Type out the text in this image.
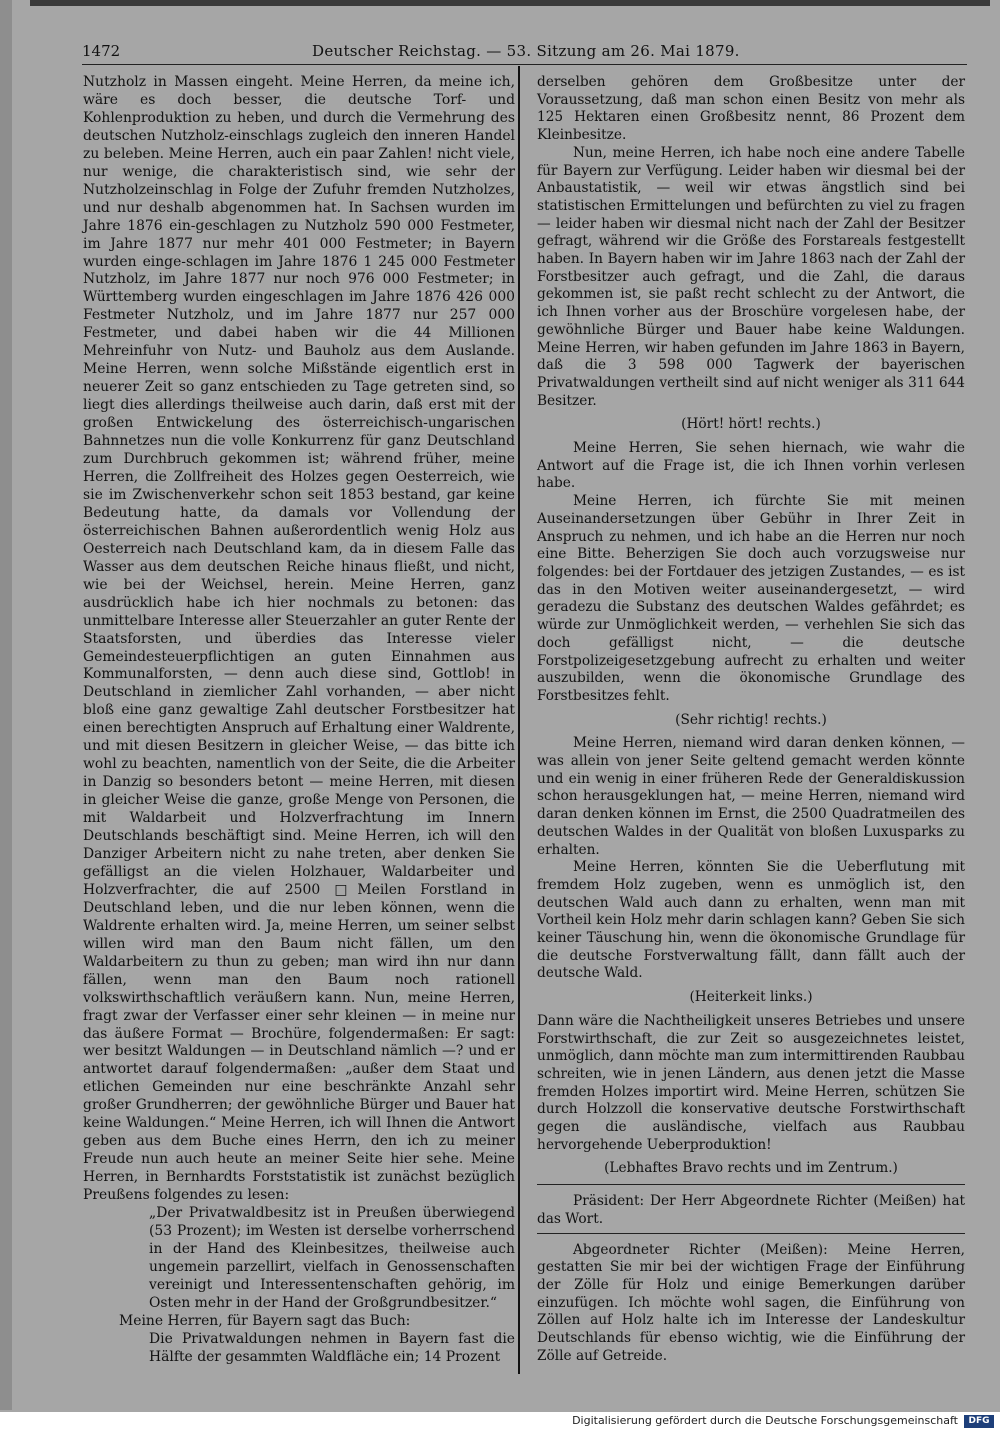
1472	Deutscher Reichstag. — 53. Sitzung am 26. Mai 1879.

Nutzholz in Massen eingeht. Meine Herren, da meine ich, wäre es doch besser, die deutsche Torf- und Kohlenproduktion zu heben, und durch die Vermehrung des deutschen Nutzholz-einschlags zugleich den inneren Handel zu beleben. Meine Herren, auch ein paar Zahlen! nicht viele, nur wenige, die charakteristisch sind, wie sehr der Nutzholzeinschlag in Folge der Zufuhr fremden Nutzholzes, und nur deshalb abgenommen hat. In Sachsen wurden im Jahre 1876 ein-geschlagen zu Nutzholz 590 000 Festmeter, im Jahre 1877 nur mehr 401 000 Festmeter; in Bayern wurden einge-schlagen im Jahre 1876 1 245 000 Festmeter Nutzholz, im Jahre 1877 nur noch 976 000 Festmeter; in Württemberg wurden eingeschlagen im Jahre 1876 426 000 Festmeter Nutzholz, und im Jahre 1877 nur 257 000 Festmeter, und dabei haben wir die 44 Millionen Mehreinfuhr von Nutz- und Bauholz aus dem Auslande. Meine Herren, wenn solche Mißstände eigentlich erst in neuerer Zeit so ganz entschieden zu Tage getreten sind, so liegt dies allerdings theilweise auch darin, daß erst mit der großen Entwickelung des österreichisch-ungarischen Bahnnetzes nun die volle Konkurrenz für ganz Deutschland zum Durchbruch gekommen ist; während früher, meine Herren, die Zollfreiheit des Holzes gegen Oesterreich, wie sie im Zwischenverkehr schon seit 1853 bestand, gar keine Bedeutung hatte, da damals vor Vollendung der österreichischen Bahnen außerordentlich wenig Holz aus Oesterreich nach Deutschland kam, da in diesem Falle das Wasser aus dem deutschen Reiche hinaus fließt, und nicht, wie bei der Weichsel, herein. Meine Herren, ganz ausdrücklich habe ich hier nochmals zu betonen: das unmittelbare Interesse aller Steuerzahler an guter Rente der Staatsforsten, und überdies das Interesse vieler Gemeindesteuerpflichtigen an guten Einnahmen aus Kommunalforsten, — denn auch diese sind, Gottlob! in Deutschland in ziemlicher Zahl vorhanden, — aber nicht bloß eine ganz gewaltige Zahl deutscher Forstbesitzer hat einen berechtigten Anspruch auf Erhaltung einer Waldrente, und mit diesen Besitzern in gleicher Weise, — das bitte ich wohl zu beachten, namentlich von der Seite, die die Arbeiter in Danzig so besonders betont — meine Herren, mit diesen in gleicher Weise die ganze, große Menge von Personen, die mit Waldarbeit und Holzverfrachtung im Innern Deutschlands beschäftigt sind. Meine Herren, ich will den Danziger Arbeitern nicht zu nahe treten, aber denken Sie gefälligst an die vielen Holzhauer, Waldarbeiter und Holzverfrachter, die auf 2500 □Meilen Forstland in Deutschland leben, und die nur leben können, wenn die Waldrente erhalten wird. Ja, meine Herren, um seiner selbst willen wird man den Baum nicht fällen, um den Waldarbeitern zu thun zu geben; man wird ihn nur dann fällen, wenn man den Baum noch rationell volkswirthschaftlich veräußern kann. Nun, meine Herren, fragt zwar der Verfasser einer sehr kleinen — in meine nur das äußere Format — Brochüre, folgendermaßen: Er sagt: wer besitzt Waldungen — in Deutschland nämlich —? und er antwortet darauf folgendermaßen: „außer dem Staat und etlichen Gemeinden nur eine beschränkte Anzahl sehr großer Grundherren; der gewöhnliche Bürger und Bauer hat keine Waldungen.“ Meine Herren, ich will Ihnen die Antwort geben aus dem Buche eines Herrn, den ich zu meiner Freude nun auch heute an meiner Seite hier sehe. Meine Herren, in Bernhardts Forststatistik ist zunächst bezüglich Preußens folgendes zu lesen:

„Der Privatwaldbesitz ist in Preußen überwiegend (53 Prozent); im Westen ist derselbe vorherrschend in der Hand des Kleinbesitzes, theilweise auch ungemein parzellirt, vielfach in Genossenschaften vereinigt und Interessentenschaften gehörig, im Osten mehr in der Hand der Großgrundbesitzer.“

Meine Herren, für Bayern sagt das Buch:

Die Privatwaldungen nehmen in Bayern fast die Hälfte der gesammten Waldfläche ein; 14 Prozent

derselben gehören dem Großbesitze unter der Voraussetzung, daß man schon einen Besitz von mehr als 125 Hektaren einen Großbesitz nennt, 86 Prozent dem Kleinbesitze.

Nun, meine Herren, ich habe noch eine andere Tabelle für Bayern zur Verfügung. Leider haben wir diesmal bei der Anbaustatistik, — weil wir etwas ängstlich sind bei statistischen Ermittelungen und befürchten zu viel zu fragen — leider haben wir diesmal nicht nach der Zahl der Besitzer gefragt, während wir die Größe des Forstareals festgestellt haben. In Bayern haben wir im Jahre 1863 nach der Zahl der Forstbesitzer auch gefragt, und die Zahl, die daraus gekommen ist, sie paßt recht schlecht zu der Antwort, die ich Ihnen vorher aus der Broschüre vorgelesen habe, der gewöhnliche Bürger und Bauer habe keine Waldungen. Meine Herren, wir haben gefunden im Jahre 1863 in Bayern, daß die 3 598 000 Tagwerk der bayerischen Privatwaldungen vertheilt sind auf nicht weniger als 311 644 Besitzer.

(Hört! hört! rechts.)

Meine Herren, Sie sehen hiernach, wie wahr die Antwort auf die Frage ist, die ich Ihnen vorhin verlesen habe.

Meine Herren, ich fürchte Sie mit meinen Auseinandersetzungen über Gebühr in Ihrer Zeit in Anspruch zu nehmen, und ich habe an die Herren nur noch eine Bitte. Beherzigen Sie doch auch vorzugsweise nur folgendes: bei der Fortdauer des jetzigen Zustandes, — es ist das in den Motiven weiter auseinandergesetzt, — wird geradezu die Substanz des deutschen Waldes gefährdet; es würde zur Unmöglichkeit werden, — verhehlen Sie sich das doch gefälligst nicht, — die deutsche Forstpolizeigesetzgebung aufrecht zu erhalten und weiter auszubilden, wenn die ökonomische Grundlage des Forstbesitzes fehlt.

(Sehr richtig! rechts.)

Meine Herren, niemand wird daran denken können, — was allein von jener Seite geltend gemacht werden könnte und ein wenig in einer früheren Rede der Generaldiskussion schon herausgeklungen hat, — meine Herren, niemand wird daran denken können im Ernst, die 2500 Quadratmeilen des deutschen Waldes in der Qualität von bloßen Luxusparks zu erhalten.

Meine Herren, könnten Sie die Ueberflutung mit fremdem Holz zugeben, wenn es unmöglich ist, den deutschen Wald auch dann zu erhalten, wenn man mit Vortheil kein Holz mehr darin schlagen kann? Geben Sie sich keiner Täuschung hin, wenn die ökonomische Grundlage für die deutsche Forstverwaltung fällt, dann fällt auch der deutsche Wald.

(Heiterkeit links.)

Dann wäre die Nachtheiligkeit unseres Betriebes und unsere Forstwirthschaft, die zur Zeit so ausgezeichnetes leistet, unmöglich, dann möchte man zum intermittirenden Raubbau schreiten, wie in jenen Ländern, aus denen jetzt die Masse fremden Holzes importirt wird. Meine Herren, schützen Sie durch Holzzoll die konservative deutsche Forstwirthschaft gegen die ausländische, vielfach aus Raubbau hervorgehende Ueberproduktion!

(Lebhaftes Bravo rechts und im Zentrum.)

Präsident: Der Herr Abgeordnete Richter (Meißen) hat das Wort.

Abgeordneter Richter (Meißen): Meine Herren, gestatten Sie mir bei der wichtigen Frage der Einführung der Zölle für Holz und einige Bemerkungen darüber einzufügen. Ich möchte wohl sagen, die Einführung von Zöllen auf Holz halte ich im Interesse der Landeskultur Deutschlands für ebenso wichtig, wie die Einführung der Zölle auf Getreide.

Digitalisierung gefördert durch die Deutsche Forschungsgemeinschaft	DFG
